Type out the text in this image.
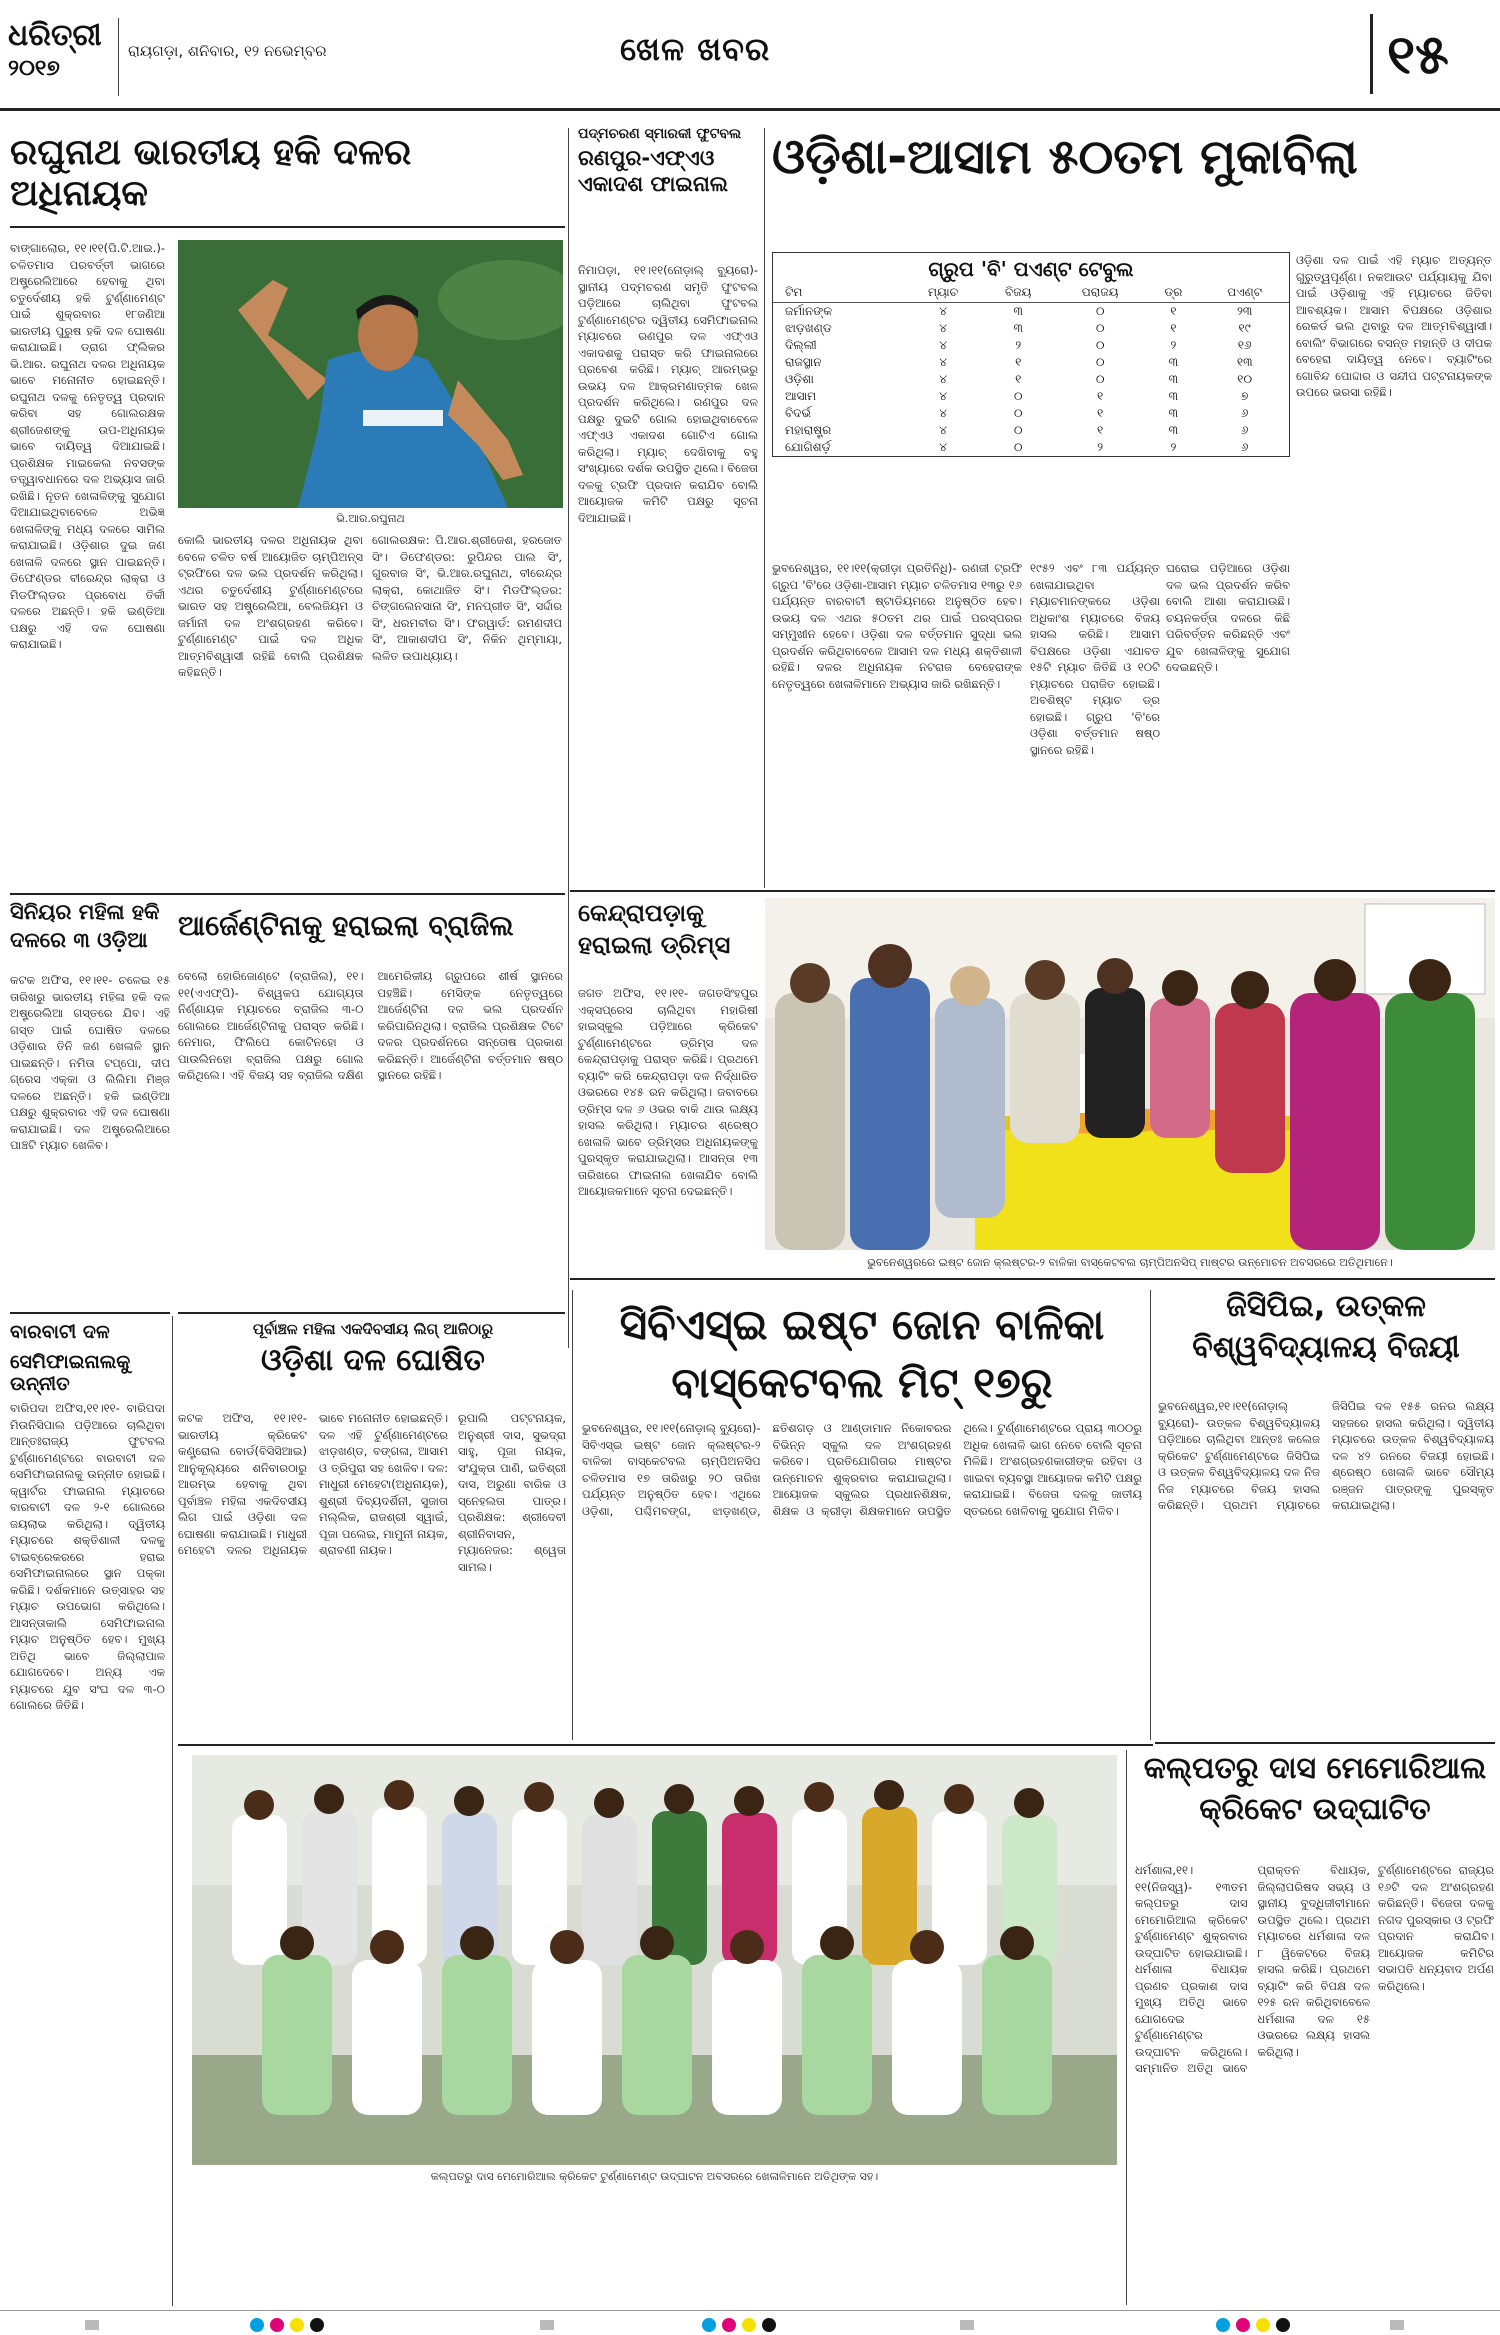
ଧରିତ୍ରୀ
୨୦୧୭
ରାୟଗଡ଼ା, ଶନିବାର, ୧୨ ନଭେମ୍ବର	ଖେଳ ଖବର	୧୫
ରଘୁନାଥ ଭାରତୀୟ ହକି ଦଳର ଅଧିନାୟକ
ବାଙ୍ଗାଲୋର, ୧୧।୧୧(ପି.ଟି.ଆଇ.)- ଚଳିତମାସ ପରବର୍ତ୍ତୀ ଭାଗରେ ଅଷ୍ଟ୍ରେଲିଆରେ ହେବାକୁ ଥିବା ଚତୁର୍ଦେଶୀୟ ହକି ଟୁର୍ଣ୍ଣାମେଣ୍ଟ ପାଇଁ ଶୁକ୍ରବାର ୧୮ଜଣିଆ ଭାରତୀୟ ପୁରୁଷ ହକି ଦଳ ଘୋଷଣା କରାଯାଇଛି। ଡ୍ରାଗ ଫ୍ଲିକର ଭି.ଆର. ରଘୁନାଥ ଦଳର ଅଧିନାୟକ ଭାବେ ମନୋନୀତ ହୋଇଛନ୍ତି। ରଘୁନାଥ ଦଳକୁ ନେତୃତ୍ୱ ପ୍ରଦାନ କରିବା ସହ ଗୋଲରକ୍ଷକ ଶ୍ରୀଜେଶଙ୍କୁ ଉପ-ଅଧିନାୟକ ଭାବେ ଦାୟିତ୍ୱ ଦିଆଯାଇଛି। ପ୍ରଶିକ୍ଷକ ମାଇକେଲ ନବସଙ୍କ ତତ୍ତ୍ୱାବଧାନରେ ଦଳ ଅଭ୍ୟାସ ଜାରି ରଖିଛି। ନୂତନ ଖେଳାଳିଙ୍କୁ ସୁଯୋଗ ଦିଆଯାଇଥିବାବେଳେ ଅଭିଜ୍ଞ ଖେଳାଳିଙ୍କୁ ମଧ୍ୟ ଦଳରେ ସାମିଲ କରାଯାଇଛି। ଓଡ଼ିଶାର ଦୁଇ ଜଣ ଖେଳାଳି ଦଳରେ ସ୍ଥାନ ପାଇଛନ୍ତି। ଡିଫେଣ୍ଡର ବୀରେନ୍ଦ୍ର ଲାକ୍ରା ଓ ମିଡଫିଲ୍ଡର ପ୍ରବୋଧ ତିର୍କୀ ଦଳରେ ଅଛନ୍ତି। ହକି ଇଣ୍ଡିଆ ପକ୍ଷରୁ ଏହି ଦଳ ଘୋଷଣା କରାଯାଇଛି।
ଭି.ଆର.ରଘୁନାଥ
କୋଲି ଭାରତୀୟ ଦଳର ଅଧିନାୟକ ଥିବା ବେଳେ ଚଳିତ ବର୍ଷ ଆୟୋଜିତ ଚାମ୍ପିଅନ୍ସ ଟ୍ରଫିରେ ଦଳ ଭଲ ପ୍ରଦର୍ଶନ କରିଥିଲା। ଏଥର ଚତୁର୍ଦେଶୀୟ ଟୁର୍ଣ୍ଣାମେଣ୍ଟରେ ଭାରତ ସହ ଅଷ୍ଟ୍ରେଲିଆ, ବେଲଜିୟମ ଓ ଜର୍ମାନୀ ଦଳ ଅଂଶଗ୍ରହଣ କରିବେ। ଟୁର୍ଣ୍ଣାମେଣ୍ଟ ପାଇଁ ଦଳ ଅଧିକ ଆତ୍ମବିଶ୍ୱାସୀ ରହିଛି ବୋଲି ପ୍ରଶିକ୍ଷକ କହିଛନ୍ତି।
ଗୋଲରକ୍ଷକ: ପି.ଆର.ଶ୍ରୀଜେଶ, ହରଜୋତ ସିଂ। ଡିଫେଣ୍ଡର: ରୁପିନ୍ଦର ପାଲ ସିଂ, ଗୁରବାଜ ସିଂ, ଭି.ଆର.ରଘୁନାଥ, ବୀରେନ୍ଦ୍ର ଲାକ୍ରା, କୋଥାଜିତ ସିଂ। ମିଡଫିଲ୍ଡର: ଚିଙ୍ଗଲେନସାନା ସିଂ, ମନପ୍ରୀତ ସିଂ, ସର୍ଦ୍ଦାର ସିଂ, ଧରମବୀର ସିଂ। ଫରୱାର୍ଡ: ରମଣଦୀପ ସିଂ, ଆକାଶଦୀପ ସିଂ, ନିକିନ ଥିମ୍ମାୟା, ଲଳିତ ଉପାଧ୍ୟାୟ।
ପଦ୍ମଚରଣ ସ୍ମାରକୀ ଫୁଟବଲ
ରଣପୁର-ଏଫ୍‌ଏଓ
ଏକାଦଶ ଫାଇନାଲ
ନିମାପଡ଼ା, ୧୧।୧୧(ନୋଡ଼ାଲ୍ ବ୍ୟୁରୋ)- ସ୍ଥାନୀୟ ପଦ୍ମଚରଣ ସମୃତି ଫୁଟବଲ ପଡ଼ିଆରେ ଚାଲିଥିବା ଫୁଟବଲ ଟୁର୍ଣ୍ଣାମେଣ୍ଟର ଦ୍ୱିତୀୟ ସେମିଫାଇନାଲ ମ୍ୟାଚରେ ରଣପୁର ଦଳ ଏଫ୍‌ଏଓ ଏକାଦଶକୁ ପରାସ୍ତ କରି ଫାଇନାଲରେ ପ୍ରବେଶ କରିଛି। ମ୍ୟାଚ୍ ଆରମ୍ଭରୁ ଉଭୟ ଦଳ ଆକ୍ରମଣାତ୍ମକ ଖେଳ ପ୍ରଦର୍ଶନ କରିଥିଲେ। ରଣପୁର ଦଳ ପକ୍ଷରୁ ଦୁଇଟି ଗୋଲ ହୋଇଥିବାବେଳେ ଏଫ୍‌ଏଓ ଏକାଦଶ ଗୋଟିଏ ଗୋଲ କରିଥିଲା। ମ୍ୟାଚ୍ ଦେଖିବାକୁ ବହୁ ସଂଖ୍ୟାରେ ଦର୍ଶକ ଉପସ୍ଥିତ ଥିଲେ। ବିଜେତା ଦଳକୁ ଟ୍ରଫି ପ୍ରଦାନ କରାଯିବ ବୋଲି ଆୟୋଜକ କମିଟି ପକ୍ଷରୁ ସୂଚନା ଦିଆଯାଇଛି।
ଓଡ଼ିଶା-ଆସାମ ୫୦ତମ ମୁକାବିଲା
ଗ୍ରୁପ 'ବି' ପଏଣ୍ଟ ଟେବୁଲ
ଟିମ	ମ୍ୟାଚ	ବିଜୟ	ପରାଜୟ	ଡ୍ର	ପଏଣ୍ଟ
ଜର୍ମାନଙ୍କ	୪	୩	୦	୧	୨୩
ଝାଡ଼ଖଣ୍ଡ	୪	୩	୦	୧	୧୯
ଦିଲ୍ଲୀ	୪	୨	୦	୨	୧୬
ରାଜସ୍ଥାନ	୪	୧	୦	୩	୧୩
ଓଡ଼ିଶା	୪	୧	୦	୩	୧୦
ଆସାମ	୪	୦	୧	୩	୭
ବିଦର୍ଭ	୪	୦	୧	୩	୬
ମହାରାଷ୍ଟ୍ର	୪	୦	୧	୩	୬
ଯୋଗିଶର୍ଡ଼	୪	୦	୨	୨	୬
ଓଡ଼ିଶା ଦଳ ପାଇଁ ଏହି ମ୍ୟାଚ ଅତ୍ୟନ୍ତ ଗୁରୁତ୍ୱପୂର୍ଣ୍ଣ। ନକଆଉଟ ପର୍ଯ୍ୟାୟକୁ ଯିବା ପାଇଁ ଓଡ଼ିଶାକୁ ଏହି ମ୍ୟାଚରେ ଜିତିବା ଆବଶ୍ୟକ। ଆସାମ ବିପକ୍ଷରେ ଓଡ଼ିଶାର ରେକର୍ଡ ଭଲ ଥିବାରୁ ଦଳ ଆତ୍ମବିଶ୍ୱାସୀ। ବୋଲିଂ ବିଭାଗରେ ବସନ୍ତ ମହାନ୍ତି ଓ ଦୀପକ ବେହେରା ଦାୟିତ୍ୱ ନେବେ। ବ୍ୟାଟିଂରେ ଗୋବିନ୍ଦ ପୋଦ୍ଦାର ଓ ସନ୍ଦୀପ ପଟ୍ଟନାୟକଙ୍କ ଉପରେ ଭରସା ରହିଛି।
ଭୁବନେଶ୍ୱର, ୧୧।୧୧(କ୍ରୀଡ଼ା ପ୍ରତିନିଧି)- ରଣଜୀ ଟ୍ରଫି ଗ୍ରୁପ 'ବି'ରେ ଓଡ଼ିଶା-ଆସାମ ମ୍ୟାଚ ଚଳିତମାସ ୧୩ରୁ ୧୬ ପର୍ଯ୍ୟନ୍ତ ବାରବାଟୀ ଷ୍ଟାଡିୟମରେ ଅନୁଷ୍ଠିତ ହେବ। ଉଭୟ ଦଳ ଏଥର ୫୦ତମ ଥର ପାଇଁ ପରସ୍ପରର ସମ୍ମୁଖୀନ ହେବେ। ଓଡ଼ିଶା ଦଳ ବର୍ତ୍ତମାନ ସୁଦ୍ଧା ଭଲ ପ୍ରଦର୍ଶନ କରିଥିବାବେଳେ ଆସାମ ଦଳ ମଧ୍ୟ ଶକ୍ତିଶାଳୀ ରହିଛି। ଦଳର ଅଧିନାୟକ ନଟରାଜ ବେହେରାଙ୍କ ନେତୃତ୍ୱରେ ଖେଳାଳିମାନେ ଅଭ୍ୟାସ ଜାରି ରଖିଛନ୍ତି।
୧୯୫୨ ଏବଂ ୮୩ ପର୍ଯ୍ୟନ୍ତ ଖେଳାଯାଇଥିବା ମ୍ୟାଚମାନଙ୍କରେ ଓଡ଼ିଶା ଅଧିକାଂଶ ମ୍ୟାଚରେ ବିଜୟ ହାସଲ କରିଛି। ଆସାମ ବିପକ୍ଷରେ ଓଡ଼ିଶା ଏଯାବତ ୧୫ଟି ମ୍ୟାଚ ଜିତିଛି ଓ ୧୦ଟି ମ୍ୟାଚରେ ପରାଜିତ ହୋଇଛି। ଅବଶିଷ୍ଟ ମ୍ୟାଚ ଡ୍ର ହୋଇଛି। ଗ୍ରୁପ 'ବି'ରେ ଓଡ଼ିଶା ବର୍ତ୍ତମାନ ଷଷ୍ଠ ସ୍ଥାନରେ ରହିଛି।
ଘରୋଇ ପଡ଼ିଆରେ ଓଡ଼ିଶା ଦଳ ଭଲ ପ୍ରଦର୍ଶନ କରିବ ବୋଲି ଆଶା କରାଯାଉଛି। ଚୟନକର୍ତ୍ତା ଦଳରେ କିଛି ପରିବର୍ତ୍ତନ କରିଛନ୍ତି ଏବଂ ଯୁବ ଖେଳାଳିଙ୍କୁ ସୁଯୋଗ ଦେଇଛନ୍ତି।
କେନ୍ଦ୍ରାପଡ଼ାକୁ
ହରାଇଲା ଡ୍ରିମ୍ସ
ଜଗତ ଅଫିସ, ୧୧।୧୧- ଜଗତସିଂହପୁର ଏକ୍ସପ୍ରେସ ଚାଲିଥିବା ମହାରିଷୀ ହାଇସ୍କୁଲ ପଡ଼ିଆରେ କ୍ରିକେଟ ଟୁର୍ଣ୍ଣାମେଣ୍ଟରେ ଡ୍ରିମ୍ସ ଦଳ କେନ୍ଦ୍ରାପଡ଼ାକୁ ପରାସ୍ତ କରିଛି। ପ୍ରଥମେ ବ୍ୟାଟିଂ କରି କେନ୍ଦ୍ରାପଡ଼ା ଦଳ ନିର୍ଦ୍ଧାରିତ ଓଭରରେ ୧୪୫ ରନ କରିଥିଲା। ଜବାବରେ ଡ୍ରିମ୍ସ ଦଳ ୬ ଓଭର ବାକି ଥାଉ ଲକ୍ଷ୍ୟ ହାସଲ କରିଥିଲା। ମ୍ୟାଚର ଶ୍ରେଷ୍ଠ ଖେଳାଳି ଭାବେ ଡ୍ରିମ୍ସର ଅଧିନାୟକଙ୍କୁ ପୁରସ୍କୃତ କରାଯାଇଥିଲା। ଆସନ୍ତା ୧୩ ତାରିଖରେ ଫାଇନାଲ ଖେଳାଯିବ ବୋଲି ଆୟୋଜକମାନେ ସୂଚନା ଦେଇଛନ୍ତି।
ଭୁବନେଶ୍ୱରରେ ଇଷ୍ଟ ଜୋନ କ୍ଲଷ୍ଟର-୨ ବାଳିକା ବାସ୍କେଟବଲ ଚାମ୍ପିଅନସିପ୍‌ ମାଷ୍ଟର ଉନ୍ମୋଚନ ଅବସରରେ ଅତିଥିମାନେ।
ସିନିୟର ମହିଳା ହକି
ଦଳରେ ୩ ଓଡ଼ିଆ
କଟକ ଅଫିସ, ୧୧।୧୧- ଚଳେଇ ୧୫ ତାରିଖରୁ ଭାରତୀୟ ମହିଳା ହକି ଦଳ ଅଷ୍ଟ୍ରେଲିଆ ଗସ୍ତରେ ଯିବ। ଏହି ଗସ୍ତ ପାଇଁ ଘୋଷିତ ଦଳରେ ଓଡ଼ିଶାର ତିନି ଜଣ ଖେଳାଳି ସ୍ଥାନ ପାଇଛନ୍ତି। ନମିତା ଟପ୍ପୋ, ଦୀପ ଗ୍ରେସ ଏକ୍କା ଓ ଲିଲିମା ମିଞ୍ଜ ଦଳରେ ଅଛନ୍ତି। ହକି ଇଣ୍ଡିଆ ପକ୍ଷରୁ ଶୁକ୍ରବାର ଏହି ଦଳ ଘୋଷଣା କରାଯାଇଛି। ଦଳ ଅଷ୍ଟ୍ରେଲିଆରେ ପାଞ୍ଚଟି ମ୍ୟାଚ ଖେଳିବ।
ଆର୍ଜେଣ୍ଟିନାକୁ ହରାଇଲା ବ୍ରାଜିଲ
ବେଲୋ ହୋରିଜୋଣ୍ଟେ (ବ୍ରାଜିଲ), ୧୧।୧୧(ଏଏଫ୍‌ପି)- ବିଶ୍ୱକପ ଯୋଗ୍ୟତା ନିର୍ଣ୍ଣାୟକ ମ୍ୟାଚରେ ବ୍ରାଜିଲ ୩-୦ ଗୋଲରେ ଆର୍ଜେଣ୍ଟିନାକୁ ପରାସ୍ତ କରିଛି। ନେମାର, ଫିଲିପେ କୋଟିନହୋ ଓ ପାଉଲିନହୋ ବ୍ରାଜିଲ ପକ୍ଷରୁ ଗୋଲ କରିଥିଲେ। ଏହି ବିଜୟ ସହ ବ୍ରାଜିଲ ଦକ୍ଷିଣ ଆମେରିକୀୟ ଗ୍ରୁପରେ ଶୀର୍ଷ ସ୍ଥାନରେ ପହଞ୍ଚିଛି। ମେସିଙ୍କ ନେତୃତ୍ୱରେ ଆର୍ଜେଣ୍ଟିନା ଦଳ ଭଲ ପ୍ରଦର୍ଶନ କରିପାରିନଥିଲା। ବ୍ରାଜିଲ ପ୍ରଶିକ୍ଷକ ଟିଟେ ଦଳର ପ୍ରଦର୍ଶନରେ ସନ୍ତୋଷ ପ୍ରକାଶ କରିଛନ୍ତି। ଆର୍ଜେଣ୍ଟିନା ବର୍ତ୍ତମାନ ଷଷ୍ଠ ସ୍ଥାନରେ ରହିଛି।
ସିବିଏସ୍‌ଇ ଇଷ୍ଟ ଜୋନ ବାଳିକା ବାସ୍କେଟବଲ ମିଟ୍ ୧୭ରୁ
ଭୁବନେଶ୍ୱର, ୧୧।୧୧(ନୋଡ଼ାଲ୍ ବ୍ୟୁରୋ)- ସିବିଏସ୍‌ଇ ଇଷ୍ଟ ଜୋନ କ୍ଲଷ୍ଟର-୨ ବାଳିକା ବାସ୍କେଟବଲ ଚାମ୍ପିଅନସିପ ଚଳିତମାସ ୧୭ ତାରିଖରୁ ୨୦ ତାରିଖ ପର୍ଯ୍ୟନ୍ତ ଅନୁଷ୍ଠିତ ହେବ। ଏଥିରେ ଓଡ଼ିଶା, ପଶ୍ଚିମବଙ୍ଗ, ଝାଡ଼ଖଣ୍ଡ, ଛତିଶଗଡ଼ ଓ ଆଣ୍ଡାମାନ ନିକୋବରର ବିଭିନ୍ନ ସ୍କୁଲ ଦଳ ଅଂଶଗ୍ରହଣ କରିବେ। ପ୍ରତିଯୋଗିତାର ମାଷ୍ଟର ଉନ୍ମୋଚନ ଶୁକ୍ରବାର କରାଯାଇଥିଲା। ଆୟୋଜକ ସ୍କୁଲର ପ୍ରଧାନଶିକ୍ଷକ, ଶିକ୍ଷକ ଓ କ୍ରୀଡ଼ା ଶିକ୍ଷକମାନେ ଉପସ୍ଥିତ ଥିଲେ। ଟୁର୍ଣ୍ଣାମେଣ୍ଟରେ ପ୍ରାୟ ୩୦୦ରୁ ଅଧିକ ଖେଳାଳି ଭାଗ ନେବେ ବୋଲି ସୂଚନା ମିଳିଛି। ଅଂଶଗ୍ରହଣକାରୀଙ୍କ ରହିବା ଓ ଖାଇବା ବ୍ୟବସ୍ଥା ଆୟୋଜକ କମିଟି ପକ୍ଷରୁ କରାଯାଇଛି। ବିଜେତା ଦଳକୁ ଜାତୀୟ ସ୍ତରରେ ଖେଳିବାକୁ ସୁଯୋଗ ମିଳିବ।
ଜିସିପିଇ, ଉତ୍କଳ
ବିଶ୍ୱବିଦ୍ୟାଳୟ ବିଜୟୀ
ଭୁବନେଶ୍ୱର,୧୧।୧୧(ନୋଡ଼ାଲ୍ ବ୍ୟୁରୋ)- ଉତ୍କଳ ବିଶ୍ୱବିଦ୍ୟାଳୟ ପଡ଼ିଆରେ ଚାଲିଥିବା ଆନ୍ତଃ କଲେଜ କ୍ରିକେଟ ଟୁର୍ଣ୍ଣାମେଣ୍ଟରେ ଜିସିପିଇ ଓ ଉତ୍କଳ ବିଶ୍ୱବିଦ୍ୟାଳୟ ଦଳ ନିଜ ନିଜ ମ୍ୟାଚରେ ବିଜୟ ହାସଲ କରିଛନ୍ତି। ପ୍ରଥମ ମ୍ୟାଚରେ ଜିସିପିଇ ଦଳ ୧୫୫ ରନର ଲକ୍ଷ୍ୟ ସହଜରେ ହାସଲ କରିଥିଲା। ଦ୍ୱିତୀୟ ମ୍ୟାଚରେ ଉତ୍କଳ ବିଶ୍ୱବିଦ୍ୟାଳୟ ଦଳ ୪୨ ରନରେ ବିଜୟୀ ହୋଇଛି। ଶ୍ରେଷ୍ଠ ଖେଳାଳି ଭାବେ ସୌମ୍ୟ ରଞ୍ଜନ ପାତ୍ରଙ୍କୁ ପୁରସ୍କୃତ କରାଯାଇଥିଲା।
ବାରବାଟୀ ଦଳ
ସେମିଫାଇନାଲକୁ ଉନ୍ନୀତ
ବାରିପଦା ଅଫିସ,୧୧।୧୧- ବାରିପଦା ମିଉନିସିପାଲ ପଡ଼ିଆରେ ଚାଲିଥିବା ଆନ୍ତଃରାଜ୍ୟ ଫୁଟବଲ ଟୁର୍ଣ୍ଣାମେଣ୍ଟରେ ବାରବାଟୀ ଦଳ ସେମିଫାଇନାଲକୁ ଉନ୍ନୀତ ହୋଇଛି। କ୍ୱାର୍ଟର ଫାଇନାଲ ମ୍ୟାଚରେ ବାରବାଟୀ ଦଳ ୨-୧ ଗୋଲରେ ଜୟଲାଭ କରିଥିଲା। ଦ୍ୱିତୀୟ ମ୍ୟାଚରେ ଶକ୍ତିଶାଳୀ ଦଳକୁ ଟାଇବ୍ରେକରରେ ହରାଇ ସେମିଫାଇନାଲରେ ସ୍ଥାନ ପକ୍କା କରିଛି। ଦର୍ଶକମାନେ ଉତ୍ସାହର ସହ ମ୍ୟାଚ ଉପଭୋଗ କରିଥିଲେ। ଆସନ୍ତାକାଲି ସେମିଫାଇନାଲ ମ୍ୟାଚ ଅନୁଷ୍ଠିତ ହେବ। ମୁଖ୍ୟ ଅତିଥି ଭାବେ ଜିଲ୍ଲାପାଳ ଯୋଗଦେବେ। ଅନ୍ୟ ଏକ ମ୍ୟାଚରେ ଯୁବ ସଂଘ ଦଳ ୩-୦ ଗୋଲରେ ଜିତିଛି।
ପୂର୍ବାଞ୍ଚଳ ମହିଳା ଏକଦିବସୀୟ ଲିଗ୍ ଆଜିଠାରୁ
ଓଡ଼ିଶା ଦଳ ଘୋଷିତ
କଟକ ଅଫିସ, ୧୧।୧୧- ଭାରତୀୟ କ୍ରିକେଟ କଣ୍ଟ୍ରୋଲ ବୋର୍ଡ(ବିସିସିଆଇ) ଆନୁକୂଲ୍ୟରେ ଶନିବାରଠାରୁ ଆରମ୍ଭ ହେବାକୁ ଥିବା ପୂର୍ବାଞ୍ଚଳ ମହିଳା ଏକଦିବସୀୟ ଲିଗ ପାଇଁ ଓଡ଼ିଶା ଦଳ ଘୋଷଣା କରାଯାଇଛି। ମାଧୁରୀ ମେହେଟା ଦଳର ଅଧିନାୟକ ଭାବେ ମନୋନୀତ ହୋଇଛନ୍ତି। ଦଳ ଏହି ଟୁର୍ଣ୍ଣାମେଣ୍ଟରେ ଝାଡ଼ଖଣ୍ଡ, ବଙ୍ଗଳା, ଆସାମ ଓ ତ୍ରିପୁରା ସହ ଖେଳିବ। ଦଳ: ମାଧୁରୀ ମେହେଟା(ଅଧିନାୟକ), ଶୁଶ୍ରୀ ଦିବ୍ୟଦର୍ଶିନୀ, ସୁଜାତା ମଲ୍ଲିକ, ରାଜଶ୍ରୀ ସ୍ୱାଇଁ, ପୂଜା ପଲେଇ, ମାମୁନୀ ନାୟକ, ଶ୍ରାବଣୀ ନାୟକ।
ରୂପାଲି ପଟ୍ଟନାୟକ, ଅନୁଶ୍ରୀ ଦାସ, ସୁଭଦ୍ରା ସାହୁ, ପୂଜା ନାୟକ, ସଂଯୁକ୍ତା ପାଣି, ଇତିଶ୍ରୀ ଦାସ, ଅରୁଣା ବାରିକ ଓ ସ୍ନେହଲତା ପାତ୍ର। ପ୍ରଶିକ୍ଷକ: ଶ୍ରୀଦେବୀ ଶ୍ରୀନିବାସନ, ମ୍ୟାନେଜର: ଶ୍ୱେତା ସାମଲ।
କଲ୍ପତରୁ ଦାସ ମେମୋରିଆଲ କ୍ରିକେଟ ଟୁର୍ଣ୍ଣାମେଣ୍ଟ ଉଦ୍‌ଘାଟନ ଅବସରରେ ଖେଳାଳିମାନେ ଅତିଥିଙ୍କ ସହ।
କଲ୍ପତରୁ ଦାସ ମେମୋରିଆଲ
କ୍ରିକେଟ ଉଦ୍‌ଘାଟିତ
ଧର୍ମଶାଳା,୧୧।୧୧(ନିଜସ୍ୱ)- ୧୩ତମ କଲ୍ପତରୁ ଦାସ ମେମୋରିଆଲ କ୍ରିକେଟ ଟୁର୍ଣ୍ଣାମେଣ୍ଟ ଶୁକ୍ରବାର ଉଦ୍‌ଘାଟିତ ହୋଇଯାଇଛି। ଧର୍ମଶାଳା ବିଧାୟକ ପ୍ରଣବ ପ୍ରକାଶ ଦାସ ମୁଖ୍ୟ ଅତିଥି ଭାବେ ଯୋଗଦେଇ ଟୁର୍ଣ୍ଣାମେଣ୍ଟର ଉଦ୍‌ଘାଟନ କରିଥିଲେ। ସମ୍ମାନିତ ଅତିଥି ଭାବେ ପ୍ରାକ୍ତନ ବିଧାୟକ, ଜିଲ୍ଲାପରିଷଦ ସଭ୍ୟ ଓ ସ୍ଥାନୀୟ ବୁଦ୍ଧିଜୀବୀମାନେ ଉପସ୍ଥିତ ଥିଲେ। ପ୍ରଥମ ମ୍ୟାଚରେ ଧର୍ମଶାଳା ଦଳ ୮ ୱିକେଟରେ ବିଜୟ ହାସଲ କରିଛି। ପ୍ରଥମେ ବ୍ୟାଟିଂ କରି ବିପକ୍ଷ ଦଳ ୧୨୫ ରନ କରିଥିବାବେଳେ ଧର୍ମଶାଳା ଦଳ ୧୫ ଓଭରରେ ଲକ୍ଷ୍ୟ ହାସଲ କରିଥିଲା।
ଟୁର୍ଣ୍ଣାମେଣ୍ଟରେ ରାଜ୍ୟର ୧୬ଟି ଦଳ ଅଂଶଗ୍ରହଣ କରିଛନ୍ତି। ବିଜେତା ଦଳକୁ ନଗଦ ପୁରସ୍କାର ଓ ଟ୍ରଫି ପ୍ରଦାନ କରାଯିବ। ଆୟୋଜକ କମିଟିର ସଭାପତି ଧନ୍ୟବାଦ ଅର୍ପଣ କରିଥିଲେ।
